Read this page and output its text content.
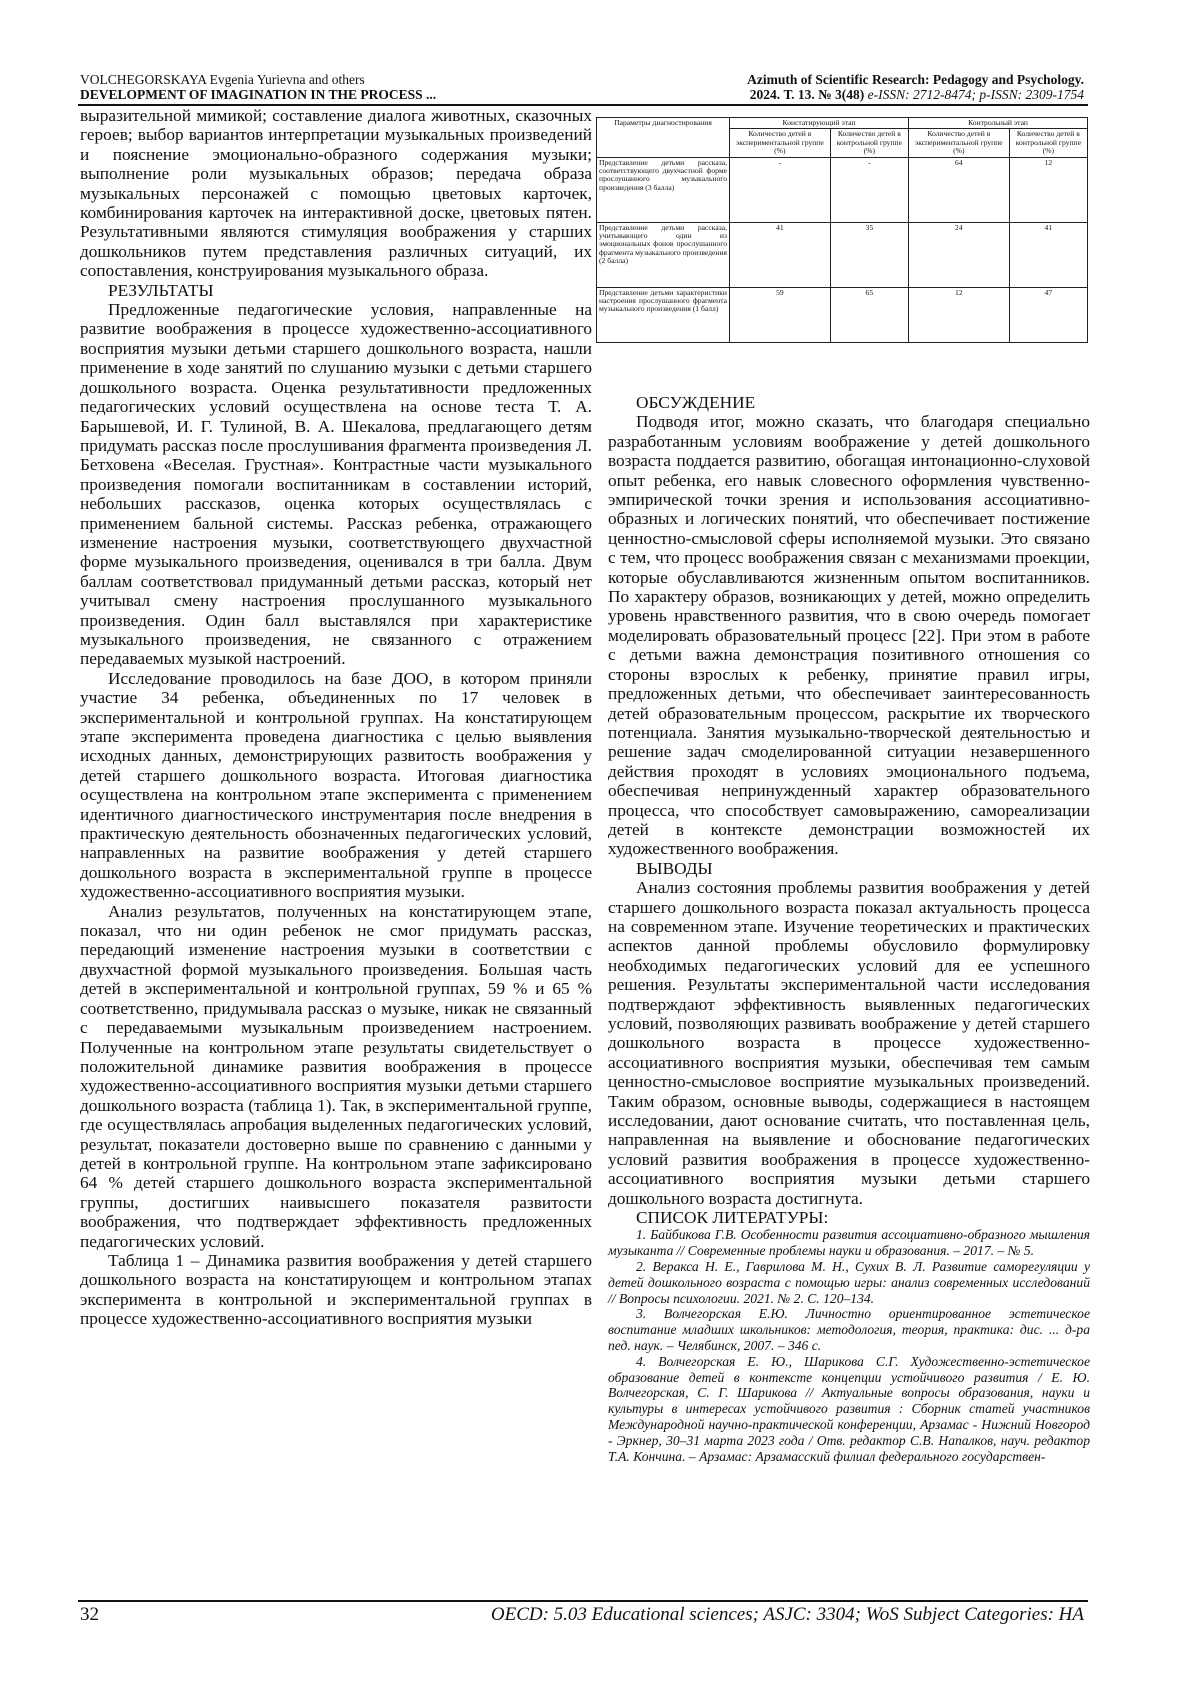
VOLCHEGORSKAYA Evgenia Yurievna and others
DEVELOPMENT OF IMAGINATION IN THE PROCESS ...
Azimuth of Scientific Research: Pedagogy and Psychology.
2024. Т. 13. № 3(48) e-ISSN: 2712-8474; p-ISSN: 2309-1754

выразительной мимикой; составление диалога животных, сказочных героев; выбор вариантов интерпретации музыкальных произведений и пояснение эмоционально-образного содержания музыки; выполнение роли музыкальных образов; передача образа музыкальных персонажей с помощью цветовых карточек, комбинирования карточек на интерактивной доске, цветовых пятен. Результативными являются стимуляция воображения у старших дошкольников путем представления различных ситуаций, их сопоставления, конструирования музыкального образа.

РЕЗУЛЬТАТЫ

Предложенные педагогические условия, направленные на развитие воображения в процессе художественно-ассоциативного восприятия музыки детьми старшего дошкольного возраста, нашли применение в ходе занятий по слушанию музыки с детьми старшего дошкольного возраста. Оценка результативности предложенных педагогических условий осуществлена на основе теста Т. А. Барышевой, И. Г. Тулиной, В. А. Шекалова, предлагающего детям придумать рассказ после прослушивания фрагмента произведения Л. Бетховена «Веселая. Грустная». Контрастные части музыкального произведения помогали воспитанникам в составлении историй, небольших рассказов, оценка которых осуществлялась с применением бальной системы. Рассказ ребенка, отражающего изменение настроения музыки, соответствующего двухчастной форме музыкального произведения, оценивался в три балла. Двум баллам соответствовал придуманный детьми рассказ, который нет учитывал смену настроения прослушанного музыкального произведения. Один балл выставлялся при характеристике музыкального произведения, не связанного с отражением передаваемых музыкой настроений.

Исследование проводилось на базе ДОО, в котором приняли участие 34 ребенка, объединенных по 17 человек в экспериментальной и контрольной группах. На констатирующем этапе эксперимента проведена диагностика с целью выявления исходных данных, демонстрирующих развитость воображения у детей старшего дошкольного возраста. Итоговая диагностика осуществлена на контрольном этапе эксперимента с применением идентичного диагностического инструментария после внедрения в практическую деятельность обозначенных педагогических условий, направленных на развитие воображения у детей старшего дошкольного возраста в экспериментальной группе в процессе художественно-ассоциативного восприятия музыки.

Анализ результатов, полученных на констатирующем этапе, показал, что ни один ребенок не смог придумать рассказ, передающий изменение настроения музыки в соответствии с двухчастной формой музыкального произведения. Большая часть детей в экспериментальной и контрольной группах, 59 % и 65 % соответственно, придумывала рассказ о музыке, никак не связанный с передаваемыми музыкальным произведением настроением. Полученные на контрольном этапе результаты свидетельствует о положительной динамике развития воображения в процессе художественно-ассоциативного восприятия музыки детьми старшего дошкольного возраста (таблица 1). Так, в экспериментальной группе, где осуществлялась апробация выделенных педагогических условий, результат, показатели достоверно выше по сравнению с данными у детей в контрольной группе. На контрольном этапе зафиксировано 64 % детей старшего дошкольного возраста экспериментальной группы, достигших наивысшего показателя развитости воображения, что подтверждает эффективность предложенных педагогических условий.

Таблица 1 – Динамика развития воображения у детей старшего дошкольного возраста на констатирующем и контрольном этапах эксперимента в контрольной и экспериментальной группах в процессе художественно-ассоциативного восприятия музыки

Параметры диагностирования	Констатирующий этап		Контрольный этап	
	Количество детей в экспериментальной группе (%)	Количество детей в контрольной группе (%)	Количество детей в экспериментальной группе (%)	Количество детей в контрольной группе (%)
Представление детьми рассказа, соответствующего двухчастной форме прослушанного музыкального произведения (3 балла)	-	-	64	12
Представление детьми рассказа, учитывающего один из эмоциональных фонов прослушанного фрагмента музыкального произведения (2 балла)	41	35	24	41
Представление детьми характеристики настроения прослушанного фрагмента музыкального произведения (1 балл)	59	65	12	47
ОБСУЖДЕНИЕ

Подводя итог, можно сказать, что благодаря специально разработанным условиям воображение у детей дошкольного возраста поддается развитию, обогащая интонационно-слуховой опыт ребенка, его навык словесного оформления чувственно-эмпирической точки зрения и использования ассоциативно-образных и логических понятий, что обеспечивает постижение ценностно-смысловой сферы исполняемой музыки. Это связано с тем, что процесс воображения связан с механизмами проекции, которые обуславливаются жизненным опытом воспитанников. По характеру образов, возникающих у детей, можно определить уровень нравственного развития, что в свою очередь помогает моделировать образовательный процесс [22]. При этом в работе с детьми важна демонстрация позитивного отношения со стороны взрослых к ребенку, принятие правил игры, предложенных детьми, что обеспечивает заинтересованность детей образовательным процессом, раскрытие их творческого потенциала. Занятия музыкально-творческой деятельностью и решение задач смоделированной ситуации незавершенного действия проходят в условиях эмоционального подъема, обеспечивая непринужденный характер образовательного процесса, что способствует самовыражению, самореализации детей в контексте демонстрации возможностей их художественного воображения.

ВЫВОДЫ

Анализ состояния проблемы развития воображения у детей старшего дошкольного возраста показал актуальность процесса на современном этапе. Изучение теоретических и практических аспектов данной проблемы обусловило формулировку необходимых педагогических условий для ее успешного решения. Результаты экспериментальной части исследования подтверждают эффективность выявленных педагогических условий, позволяющих развивать воображение у детей старшего дошкольного возраста в процессе художественно-ассоциативного восприятия музыки, обеспечивая тем самым ценностно-смысловое восприятие музыкальных произведений. Таким образом, основные выводы, содержащиеся в настоящем исследовании, дают основание считать, что поставленная цель, направленная на выявление и обоснование педагогических условий развития воображения в процессе художественно-ассоциативного восприятия музыки детьми старшего дошкольного возраста достигнута.

СПИСОК ЛИТЕРАТУРЫ:

1. Байбикова Г.В. Особенности развития ассоциативно-образного мышления музыканта // Современные проблемы науки и образования. – 2017. – № 5.

2. Веракса Н. Е., Гаврилова М. Н., Сухих В. Л. Развитие саморегуляции у детей дошкольного возраста с помощью игры: анализ современных исследований // Вопросы психологии. 2021. № 2. С. 120–134.

3. Волчегорская Е.Ю. Личностно ориентированное эстетическое воспитание младших школьников: методология, теория, практика: дис. ... д-ра пед. наук. – Челябинск, 2007. – 346 с.

4. Волчегорская Е. Ю., Шарикова С.Г. Художественно-эстетическое образование детей в контексте концепции устойчивого развития / Е. Ю. Волчегорская, С. Г. Шарикова // Актуальные вопросы образования, науки и культуры в интересах устойчивого развития : Сборник статей участников Международной научно-практической конференции, Арзамас - Нижний Новгород - Эркнер, 30–31 марта 2023 года / Отв. редактор С.В. Напалков, науч. редактор Т.А. Кончина. – Арзамас: Арзамасский филиал федерального государствен-

32	OECD: 5.03 Educational sciences; ASJC: 3304; WoS Subject Categories: HA
